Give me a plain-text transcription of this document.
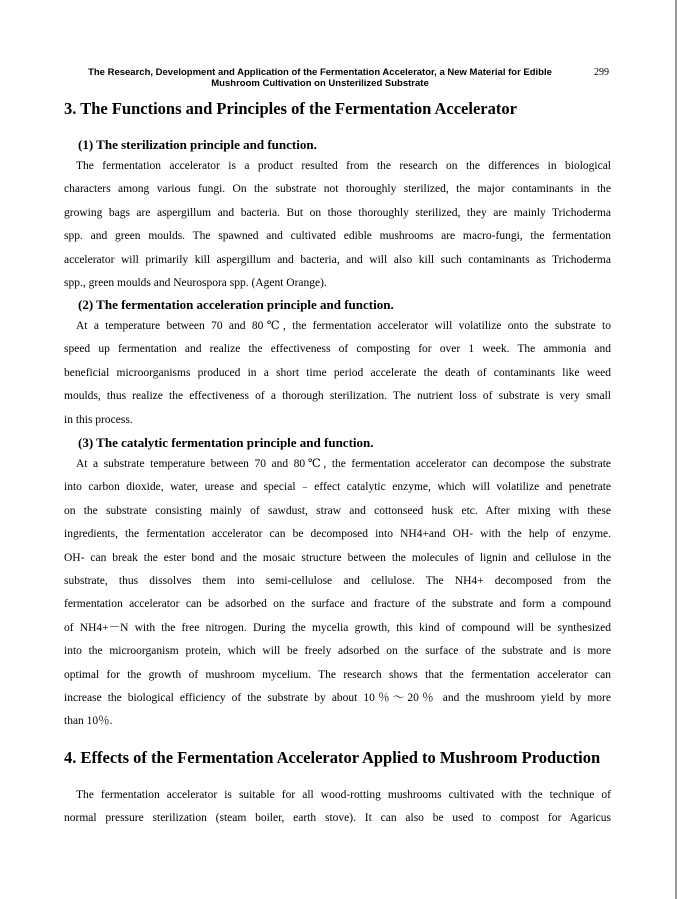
The Research, Development and Application of the Fermentation Accelerator, a New Material for Edible
Mushroom Cultivation on Unsterilized Substrate
299
3. The Functions and Principles of the Fermentation Accelerator
(1) The sterilization principle and function.
The fermentation accelerator is a product resulted from the research on the differences in biological
characters among various fungi. On the substrate not thoroughly sterilized, the major contaminants in the
growing bags are aspergillum and bacteria. But on those thoroughly sterilized, they are mainly Trichoderma
spp. and green moulds. The spawned and cultivated edible mushrooms are macro-fungi, the fermentation
accelerator will primarily kill aspergillum and bacteria, and will also kill such contaminants as Trichoderma
spp., green moulds and Neurospora spp. (Agent Orange).
(2) The fermentation acceleration principle and function.
At a temperature between 70 and 80℃, the fermentation accelerator will volatilize onto the substrate to
speed up fermentation and realize the effectiveness of composting for over 1 week. The ammonia and
beneficial microorganisms produced in a short time period accelerate the death of contaminants like weed
moulds, thus realize the effectiveness of a thorough sterilization. The nutrient loss of substrate is very small
in this process.
(3) The catalytic fermentation principle and function.
At a substrate temperature between 70 and 80℃, the fermentation accelerator can decompose the substrate
into carbon dioxide, water, urease and special﹣effect catalytic enzyme, which will volatilize and penetrate
on the substrate consisting mainly of sawdust, straw and cottonseed husk etc. After mixing with these
ingredients, the fermentation accelerator can be decomposed into NH4+and OH- with the help of enzyme.
OH- can break the ester bond and the mosaic structure between the molecules of lignin and cellulose in the
substrate, thus dissolves them into semi-cellulose and cellulose. The NH4+ decomposed from the
fermentation accelerator can be adsorbed on the surface and fracture of the substrate and form a compound
of NH4+－N with the free nitrogen. During the mycelia growth, this kind of compound will be synthesized
into the microorganism protein, which will be freely adsorbed on the surface of the substrate and is more
optimal for the growth of mushroom mycelium. The research shows that the fermentation accelerator can
increase the biological efficiency of the substrate by about 10％～20％ and the mushroom yield by more
than 10％.
4. Effects of the Fermentation Accelerator Applied to Mushroom Production
The fermentation accelerator is suitable for all wood-rotting mushrooms cultivated with the technique of
normal pressure sterilization (steam boiler, earth stove). It can also be used to compost for Agaricus
